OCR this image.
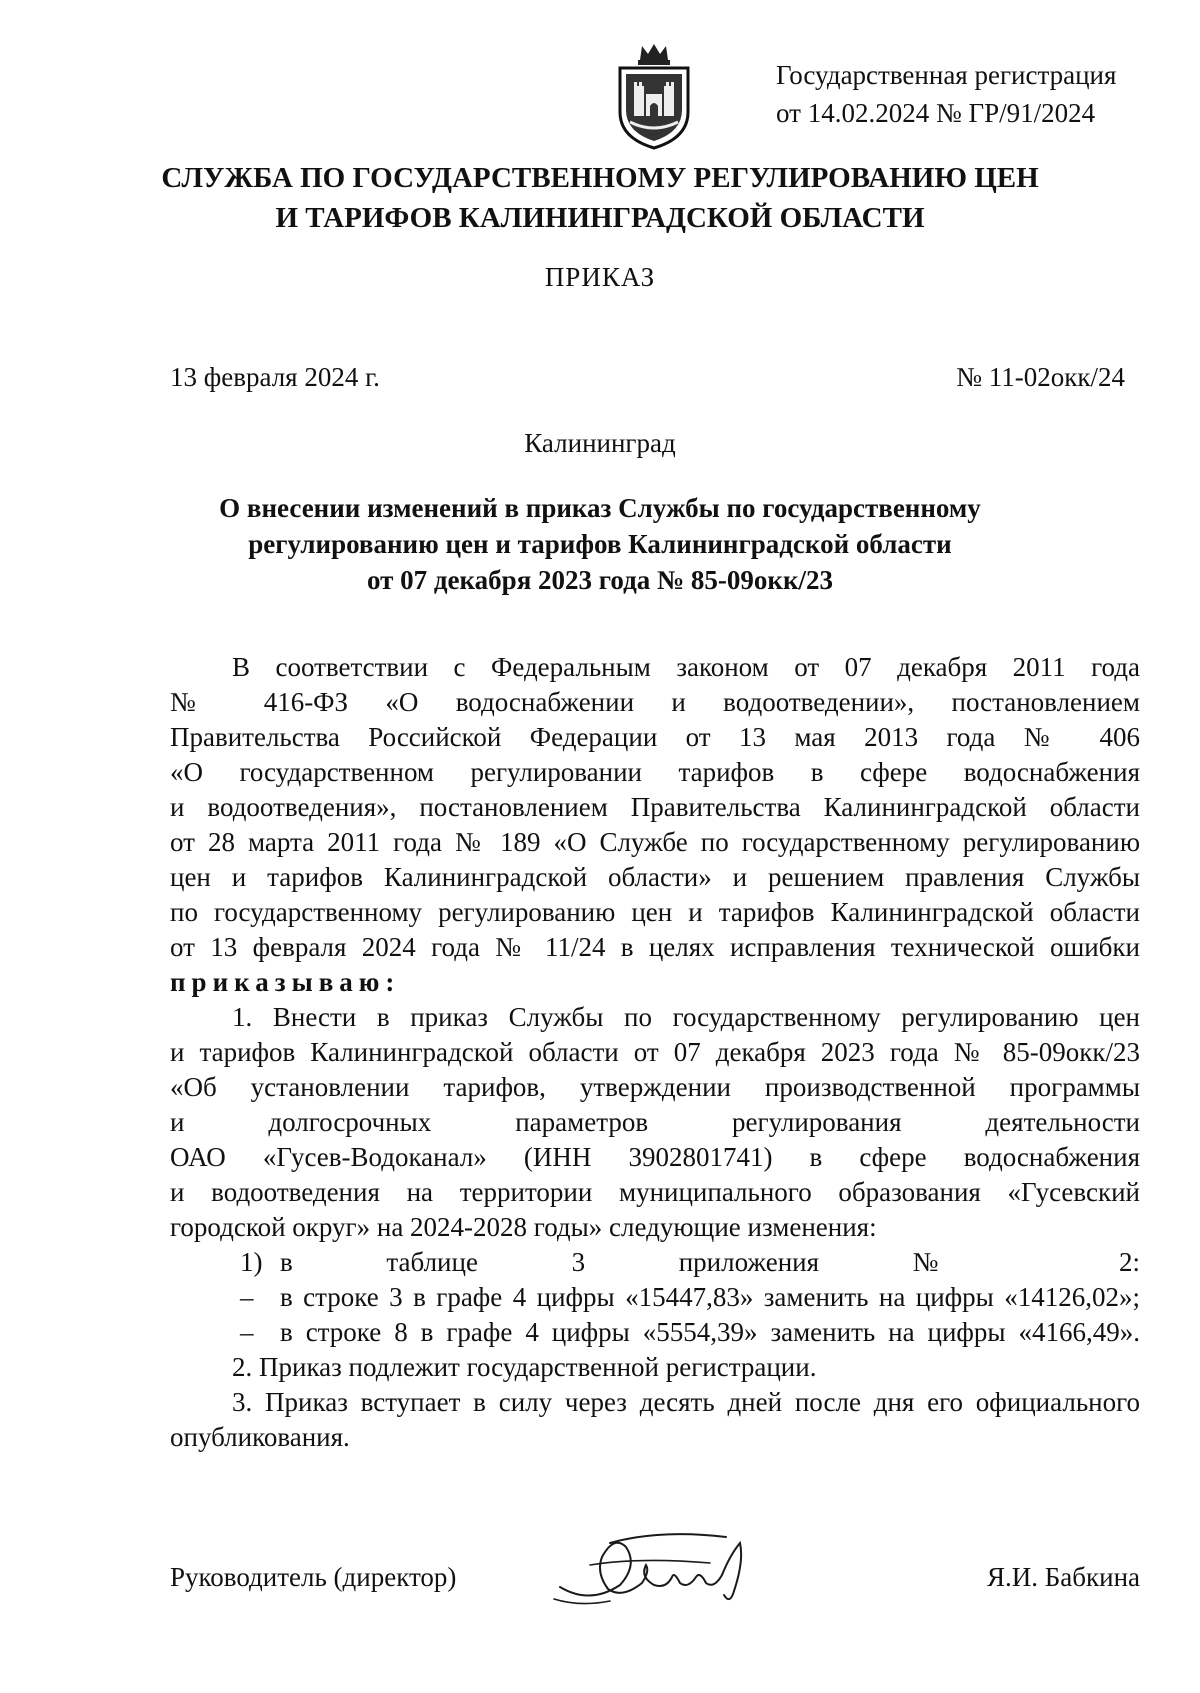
Государственная регистрация
от 14.02.2024 № ГР/91/2024
СЛУЖБА ПО ГОСУДАРСТВЕННОМУ РЕГУЛИРОВАНИЮ ЦЕН
И ТАРИФОВ КАЛИНИНГРАДСКОЙ ОБЛАСТИ
ПРИКАЗ
13 февраля 2024 г.	№ 11-02окк/24
Калининград
О внесении изменений в приказ Службы по государственному
регулированию цен и тарифов Калининградской области
от 07 декабря 2023 года № 85-09окк/23

В соответствии с Федеральным законом от 07 декабря 2011 года

№ 416-ФЗ «О водоснабжении и водоотведении», постановлением

Правительства Российской Федерации от 13 мая 2013 года № 406

«О государственном регулировании тарифов в сфере водоснабжения

и водоотведения», постановлением Правительства Калининградской области

от 28 марта 2011 года № 189 «О Службе по государственному регулированию

цен и тарифов Калининградской области» и решением правления Службы

по государственному регулированию цен и тарифов Калининградской области

от 13 февраля 2024 года № 11/24 в целях исправления технической ошибки

приказываю:

1. Внести в приказ Службы по государственному регулированию цен

и тарифов Калининградской области от 07 декабря 2023 года № 85-09окк/23

«Об установлении тарифов, утверждении производственной программы

и долгосрочных параметров регулирования деятельности

ОАО «Гусев-Водоканал» (ИНН 3902801741) в сфере водоснабжения

и водоотведения на территории муниципального образования «Гусевский

городской округ» на 2024-2028 годы» следующие изменения:

1) в таблице 3 приложения № 2:

– в строке 3 в графе 4 цифры «15447,83» заменить на цифры «14126,02»;

– в строке 8 в графе 4 цифры «5554,39» заменить на цифры «4166,49».

2. Приказ подлежит государственной регистрации.

3. Приказ вступает в силу через десять дней после дня его официального

опубликования.

Руководитель (директор)	Я.И. Бабкина
